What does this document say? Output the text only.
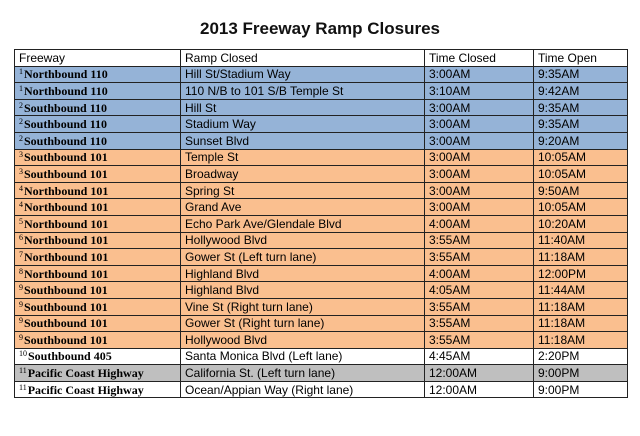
2013 Freeway Ramp Closures
Freeway	Ramp Closed	Time Closed	Time Open
$^1$Northbound 110	Hill St/Stadium Way	3:00AM	9:35AM
$^1$Northbound 110	110 N/B to 101 S/B Temple St	3:10AM	9:42AM
$^2$Southbound 110	Hill St	3:00AM	9:35AM
$^2$Southbound 110	Stadium Way	3:00AM	9:35AM
$^2$Southbound 110	Sunset Blvd	3:00AM	9:20AM
$^3$Southbound 101	Temple St	3:00AM	10:05AM
$^3$Southbound 101	Broadway	3:00AM	10:05AM
$^4$Northbound 101	Spring St	3:00AM	9:50AM
$^4$Northbound 101	Grand Ave	3:00AM	10:05AM
$^5$Northbound 101	Echo Park Ave/Glendale Blvd	4:00AM	10:20AM
$^6$Northbound 101	Hollywood Blvd	3:55AM	11:40AM
$^7$Northbound 101	Gower St (Left turn lane)	3:55AM	11:18AM
$^8$Northbound 101	Highland Blvd	4:00AM	12:00PM
$^9$Southbound 101	Highland Blvd	4:05AM	11:44AM
$^9$Southbound 101	Vine St (Right turn lane)	3:55AM	11:18AM
$^9$Southbound 101	Gower St (Right turn lane)	3:55AM	11:18AM
$^9$Southbound 101	Hollywood Blvd	3:55AM	11:18AM
$^{10}$Southbound 405	Santa Monica Blvd (Left lane)	4:45AM	2:20PM
$^{11}$Pacific Coast Highway	California St. (Left turn lane)	12:00AM	9:00PM
$^{11}$Pacific Coast Highway	Ocean/Appian Way (Right lane)	12:00AM	9:00PM
